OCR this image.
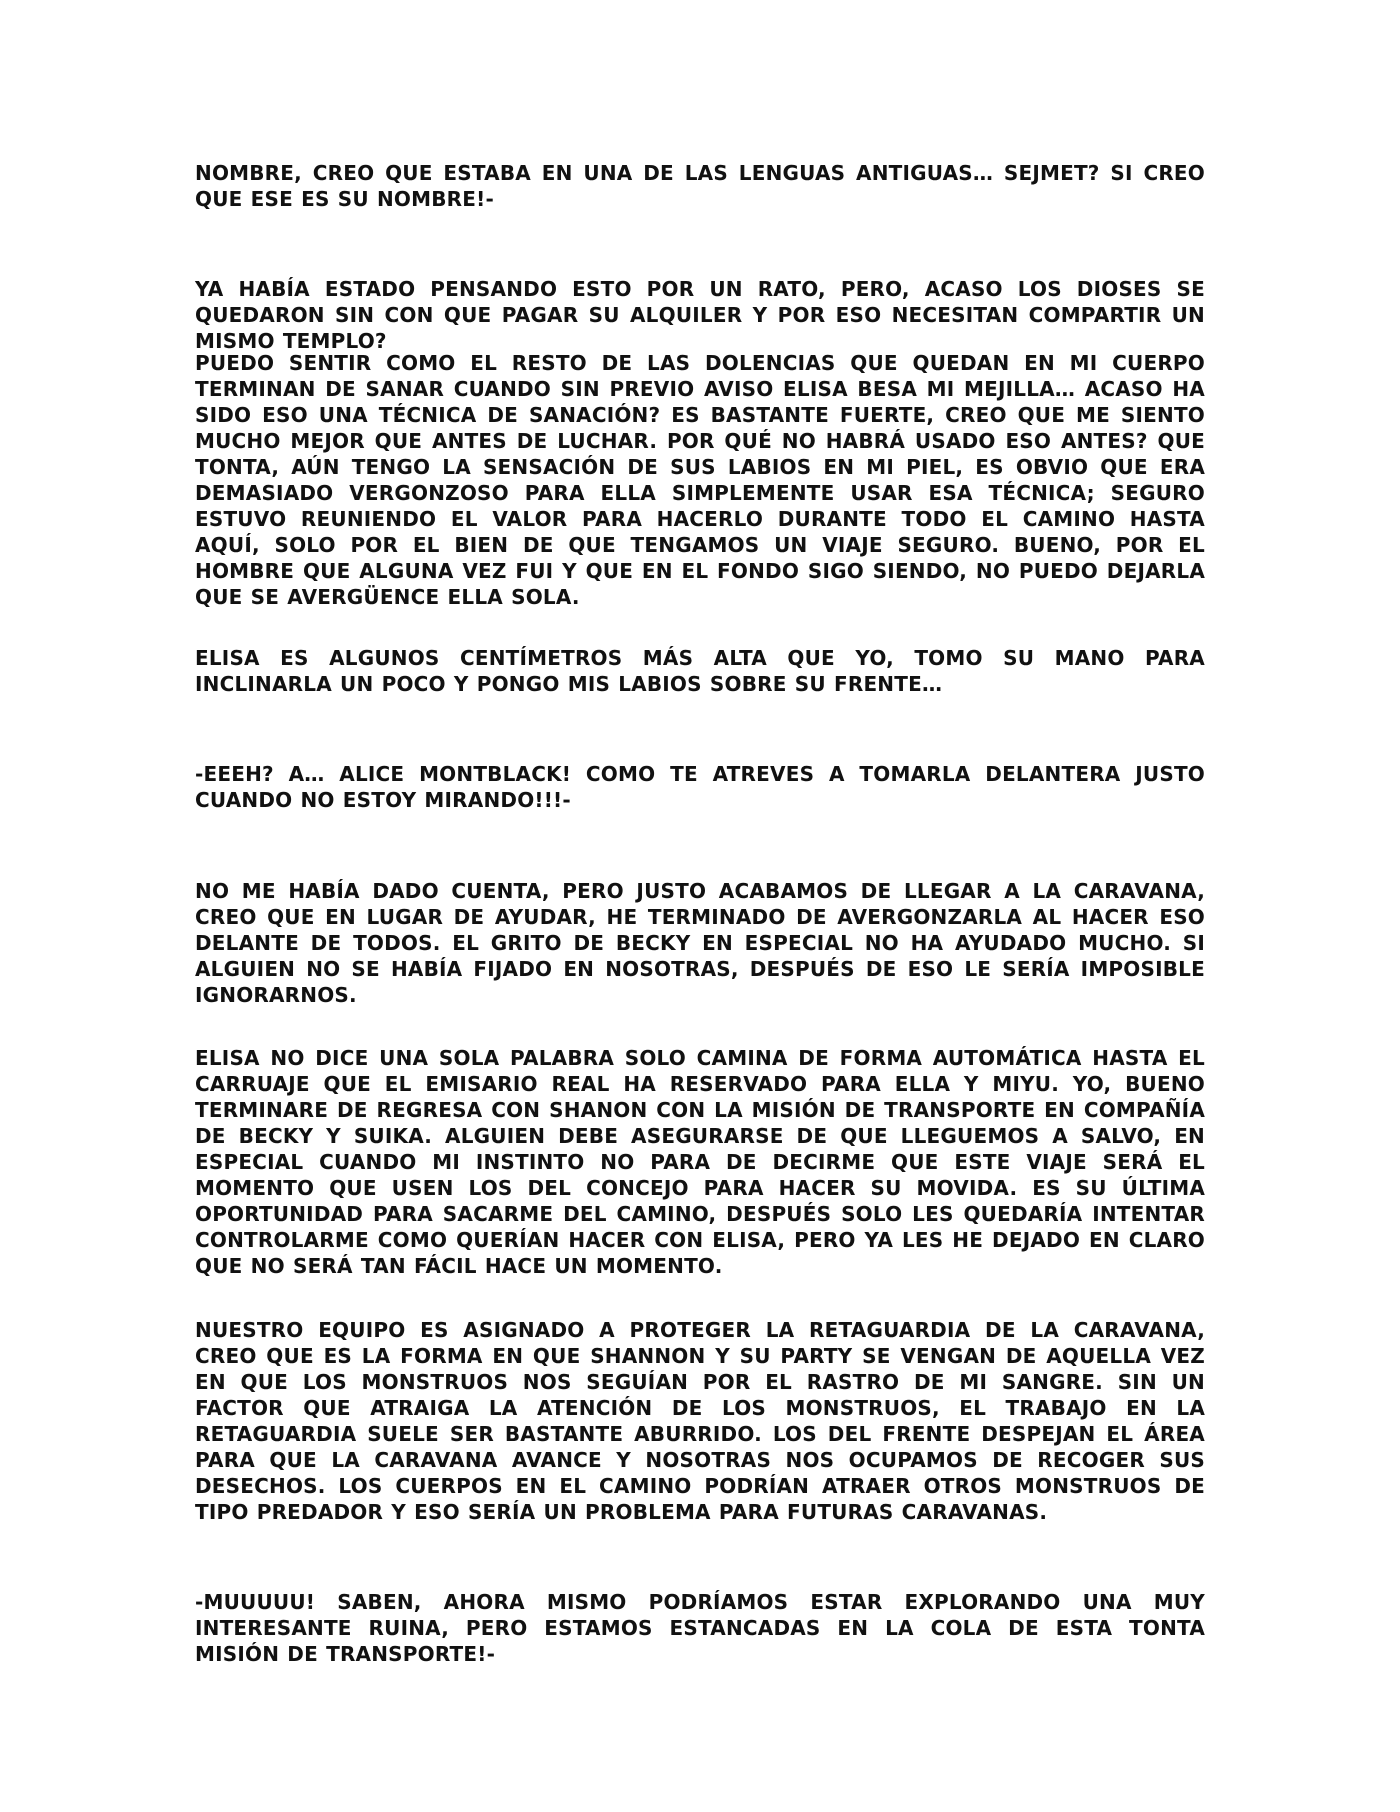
NOMBRE, CREO QUE ESTABA EN UNA DE LAS LENGUAS ANTIGUAS… SEJMET? SI CREO QUE ESE ES SU NOMBRE!-

YA HABÍA ESTADO PENSANDO ESTO POR UN RATO, PERO, ACASO LOS DIOSES SE QUEDARON SIN CON QUE PAGAR SU ALQUILER Y POR ESO NECESITAN COMPARTIR UN MISMO TEMPLO?

PUEDO SENTIR COMO EL RESTO DE LAS DOLENCIAS QUE QUEDAN EN MI CUERPO TERMINAN DE SANAR CUANDO SIN PREVIO AVISO ELISA BESA MI MEJILLA… ACASO HA SIDO ESO UNA TÉCNICA DE SANACIÓN? ES BASTANTE FUERTE, CREO QUE ME SIENTO MUCHO MEJOR QUE ANTES DE LUCHAR. POR QUÉ NO HABRÁ USADO ESO ANTES? QUE TONTA, AÚN TENGO LA SENSACIÓN DE SUS LABIOS EN MI PIEL, ES OBVIO QUE ERA DEMASIADO VERGONZOSO PARA ELLA SIMPLEMENTE USAR ESA TÉCNICA; SEGURO ESTUVO REUNIENDO EL VALOR PARA HACERLO DURANTE TODO EL CAMINO HASTA AQUÍ, SOLO POR EL BIEN DE QUE TENGAMOS UN VIAJE SEGURO. BUENO, POR EL HOMBRE QUE ALGUNA VEZ FUI Y QUE EN EL FONDO SIGO SIENDO, NO PUEDO DEJARLA QUE SE AVERGÜENCE ELLA SOLA.

ELISA ES ALGUNOS CENTÍMETROS MÁS ALTA QUE YO, TOMO SU MANO PARA INCLINARLA UN POCO Y PONGO MIS LABIOS SOBRE SU FRENTE…

-EEEH? A… ALICE MONTBLACK! COMO TE ATREVES A TOMARLA DELANTERA JUSTO CUANDO NO ESTOY MIRANDO!!!-

NO ME HABÍA DADO CUENTA, PERO JUSTO ACABAMOS DE LLEGAR A LA CARAVANA, CREO QUE EN LUGAR DE AYUDAR, HE TERMINADO DE AVERGONZARLA AL HACER ESO DELANTE DE TODOS. EL GRITO DE BECKY EN ESPECIAL NO HA AYUDADO MUCHO. SI ALGUIEN NO SE HABÍA FIJADO EN NOSOTRAS, DESPUÉS DE ESO LE SERÍA IMPOSIBLE IGNORARNOS.

ELISA NO DICE UNA SOLA PALABRA SOLO CAMINA DE FORMA AUTOMÁTICA HASTA EL CARRUAJE QUE EL EMISARIO REAL HA RESERVADO PARA ELLA Y MIYU. YO, BUENO TERMINARE DE REGRESA CON SHANON CON LA MISIÓN DE TRANSPORTE EN COMPAÑÍA DE BECKY Y SUIKA. ALGUIEN DEBE ASEGURARSE DE QUE LLEGUEMOS A SALVO, EN ESPECIAL CUANDO MI INSTINTO NO PARA DE DECIRME QUE ESTE VIAJE SERÁ EL MOMENTO QUE USEN LOS DEL CONCEJO PARA HACER SU MOVIDA. ES SU ÚLTIMA OPORTUNIDAD PARA SACARME DEL CAMINO, DESPUÉS SOLO LES QUEDARÍA INTENTAR CONTROLARME COMO QUERÍAN HACER CON ELISA, PERO YA LES HE DEJADO EN CLARO QUE NO SERÁ TAN FÁCIL HACE UN MOMENTO.

NUESTRO EQUIPO ES ASIGNADO A PROTEGER LA RETAGUARDIA DE LA CARAVANA, CREO QUE ES LA FORMA EN QUE SHANNON Y SU PARTY SE VENGAN DE AQUELLA VEZ EN QUE LOS MONSTRUOS NOS SEGUÍAN POR EL RASTRO DE MI SANGRE. SIN UN FACTOR QUE ATRAIGA LA ATENCIÓN DE LOS MONSTRUOS, EL TRABAJO EN LA RETAGUARDIA SUELE SER BASTANTE ABURRIDO. LOS DEL FRENTE DESPEJAN EL ÁREA PARA QUE LA CARAVANA AVANCE Y NOSOTRAS NOS OCUPAMOS DE RECOGER SUS DESECHOS. LOS CUERPOS EN EL CAMINO PODRÍAN ATRAER OTROS MONSTRUOS DE TIPO PREDADOR Y ESO SERÍA UN PROBLEMA PARA FUTURAS CARAVANAS.

-MUUUUU! SABEN, AHORA MISMO PODRÍAMOS ESTAR EXPLORANDO UNA MUY INTERESANTE RUINA, PERO ESTAMOS ESTANCADAS EN LA COLA DE ESTA TONTA MISIÓN DE TRANSPORTE!-
